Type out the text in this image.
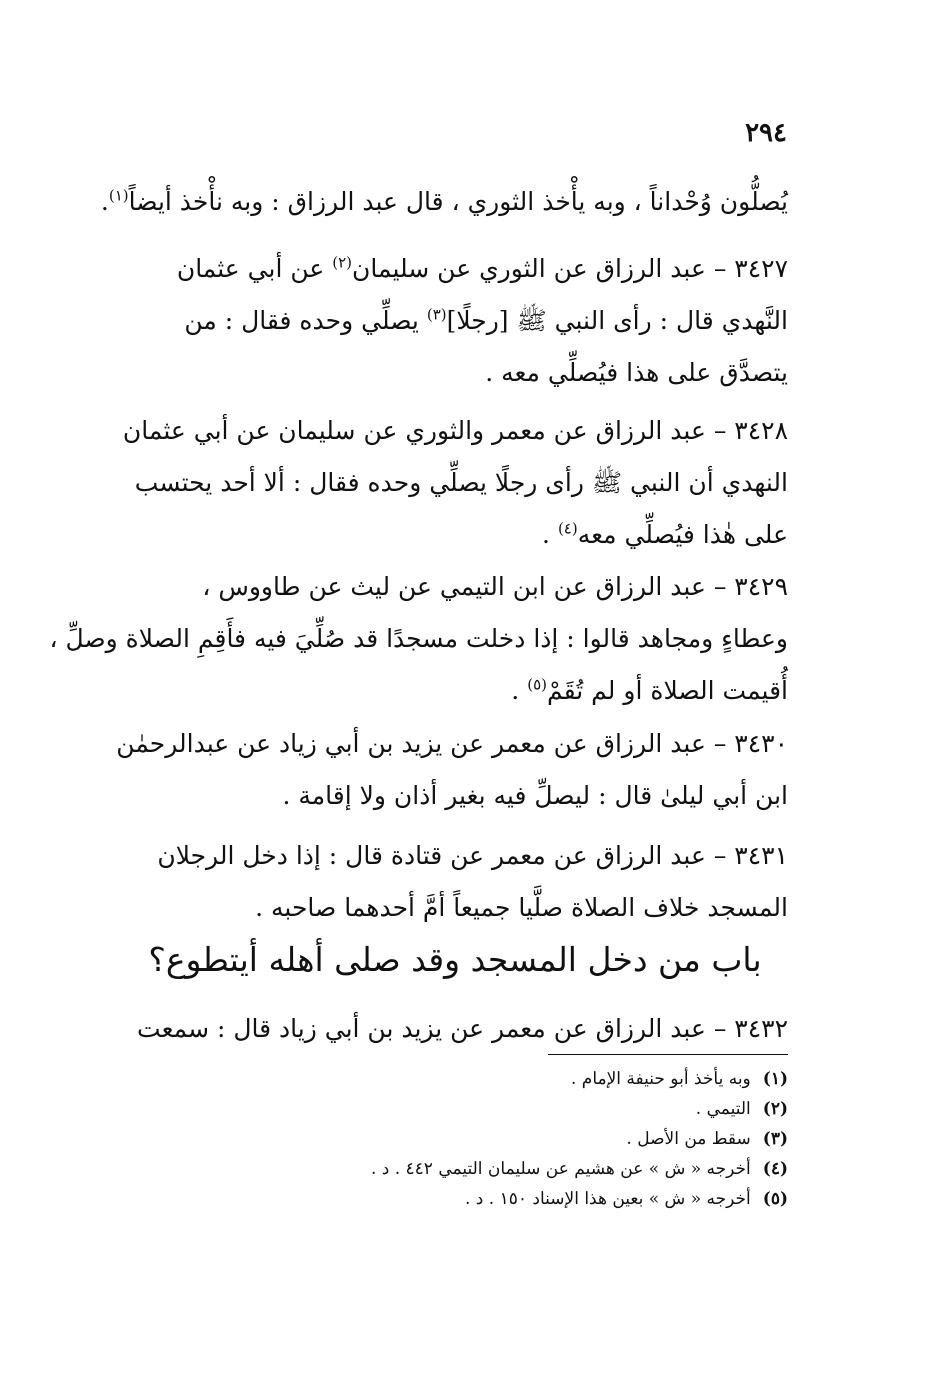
٢٩٤
يُصلُّون وُحْداناً ، وبه يأْخذ الثوري ، قال عبد الرزاق : وبه نأْخذ أيضاً$^{(١)}$.
٣٤٢٧ – عبد الرزاق عن الثوري عن سليمان$^{(٢)}$ عن أبي عثمان
النَّهدي قال : رأى النبي ﷺ [رجلًا]$^{(٣)}$ يصلِّي وحده فقال : من
يتصدَّق على هذا فيُصلِّي معه .
٣٤٢٨ – عبد الرزاق عن معمر والثوري عن سليمان عن أبي عثمان
النهدي أن النبي ﷺ رأى رجلًا يصلِّي وحده فقال : ألا أحد يحتسب
على هٰذا فيُصلِّي معه$^{(٤)}$ .
٣٤٢٩ – عبد الرزاق عن ابن التيمي عن ليث عن طاووس ،
وعطاءٍ ومجاهد قالوا : إذا دخلت مسجدًا قد صُلِّيَ فيه فأَقِمِ الصلاة وصلِّ ،
أُقيمت الصلاة أو لم تُقَمْ$^{(٥)}$ .
٣٤٣٠ – عبد الرزاق عن معمر عن يزيد بن أبي زياد عن عبدالرحمٰن
ابن أبي ليلىٰ قال : ليصلِّ فيه بغير أذان ولا إقامة .
٣٤٣١ – عبد الرزاق عن معمر عن قتادة قال : إذا دخل الرجلان
المسجد خلاف الصلاة صلَّيا جميعاً أمَّ أحدهما صاحبه .
باب من دخل المسجد وقد صلى أهله أيتطوع؟
٣٤٣٢ – عبد الرزاق عن معمر عن يزيد بن أبي زياد قال : سمعت
(١)وبه يأخذ أبو حنيفة الإمام .
(٢)التيمي .
(٣)سقط من الأصل .
(٤)أخرجه « ش » عن هشيم عن سليمان التيمي ٤٤٢ . د .
(٥)أخرجه « ش » بعين هذا الإسناد ١٥٠ . د .
